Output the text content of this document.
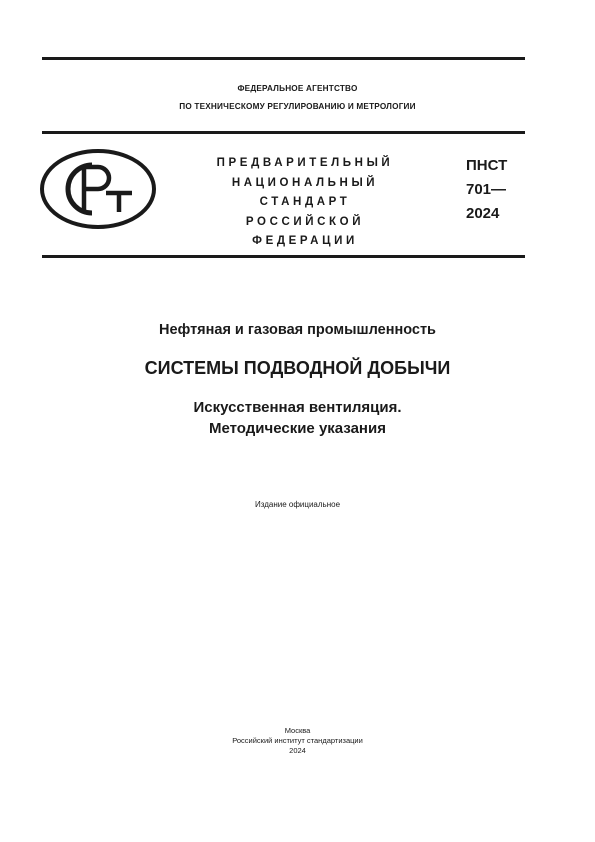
ФЕДЕРАЛЬНОЕ АГЕНТСТВО
ПО ТЕХНИЧЕСКОМУ РЕГУЛИРОВАНИЮ И МЕТРОЛОГИИ
ПРЕДВАРИТЕЛЬНЫЙ
НАЦИОНАЛЬНЫЙ
СТАНДАРТ
РОССИЙСКОЙ
ФЕДЕРАЦИИ
ПНСТ
701—
2024
Нефтяная и газовая промышленность
СИСТЕМЫ ПОДВОДНОЙ ДОБЫЧИ
Искусственная вентиляция.
Методические указания
Издание официальное
Москва
Российский институт стандартизации
2024
